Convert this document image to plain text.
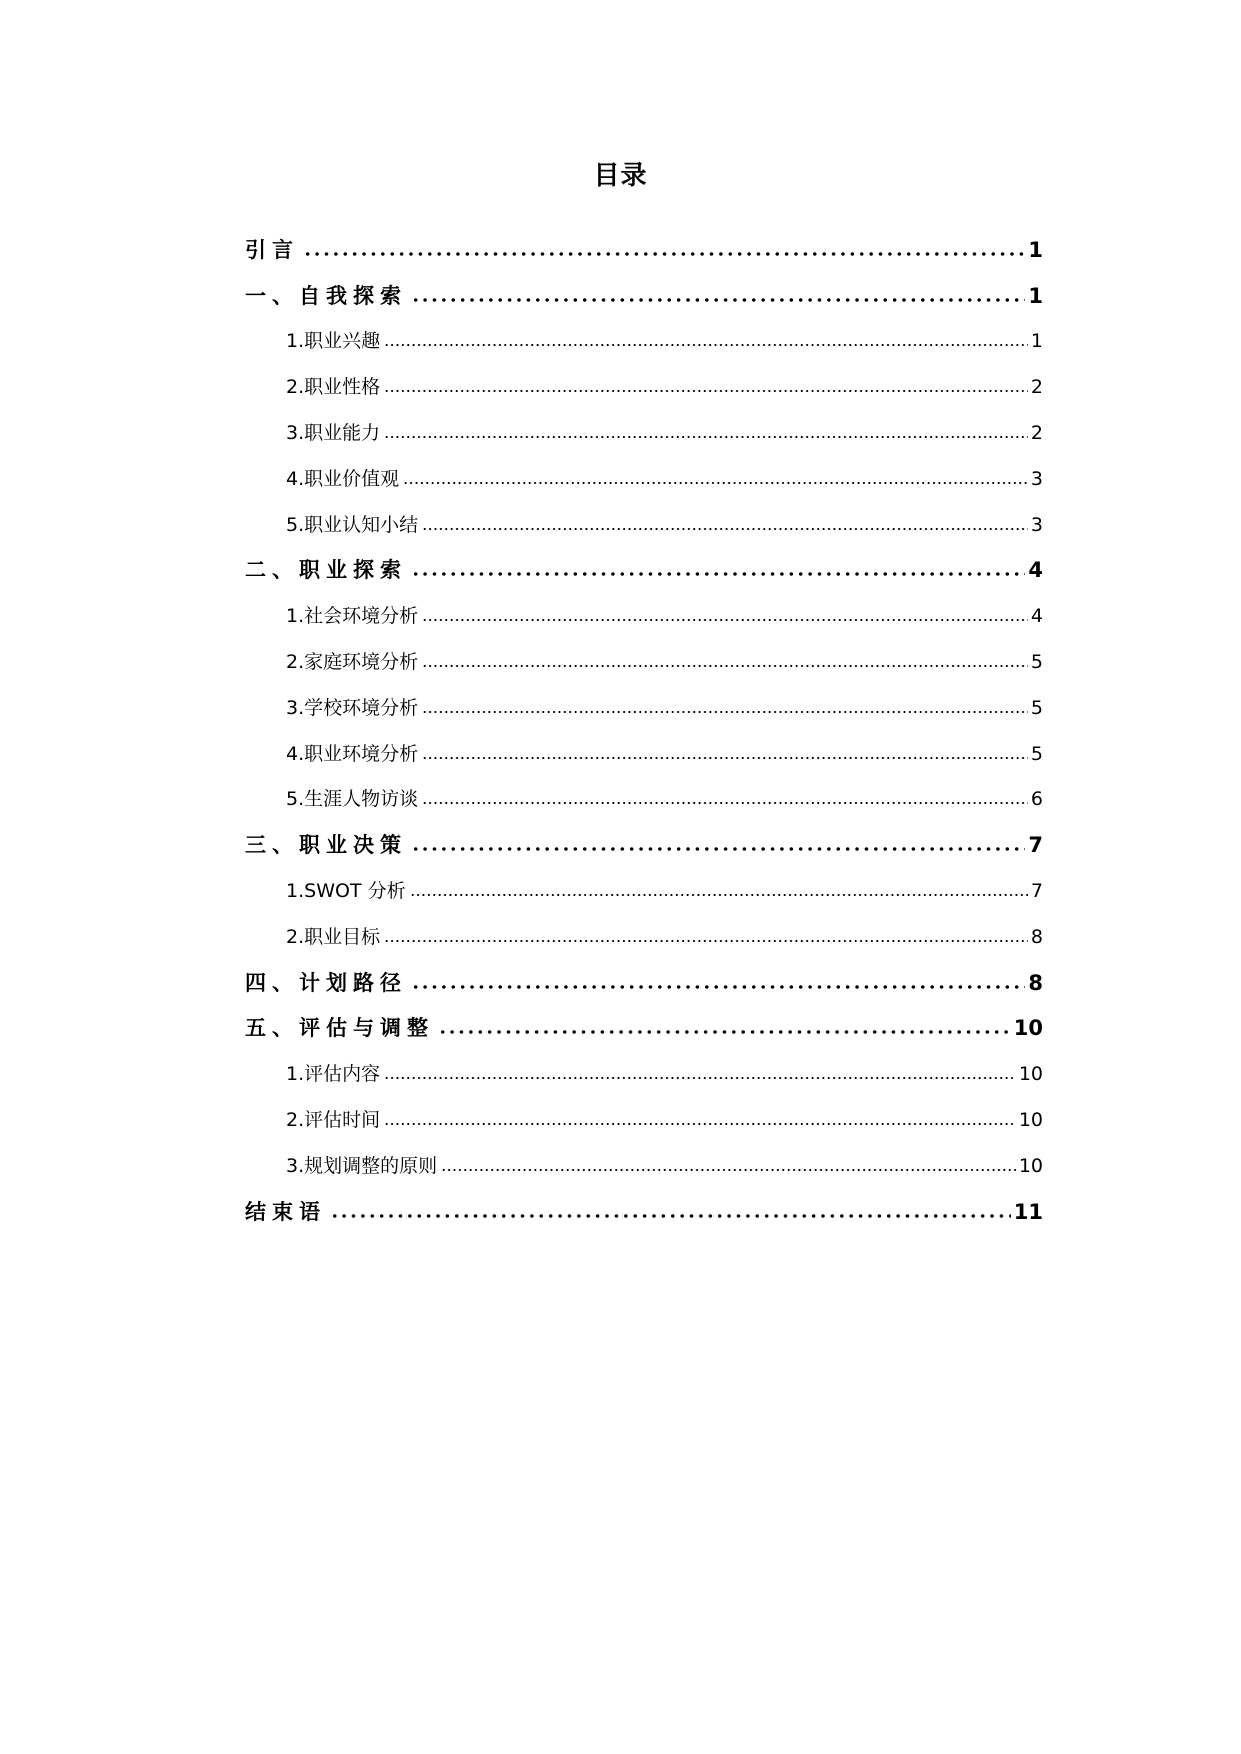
目录
引言	1
一、自我探索	1
1.职业兴趣	1
2.职业性格	2
3.职业能力	2
4.职业价值观	3
5.职业认知小结	3
二、职业探索	4
1.社会环境分析	4
2.家庭环境分析	5
3.学校环境分析	5
4.职业环境分析	5
5.生涯人物访谈	6
三、职业决策	7
1.SWOT 分析	7
2.职业目标	8
四、计划路径	8
五、评估与调整	10
1.评估内容	10
2.评估时间	10
3.规划调整的原则	10
结束语	11
